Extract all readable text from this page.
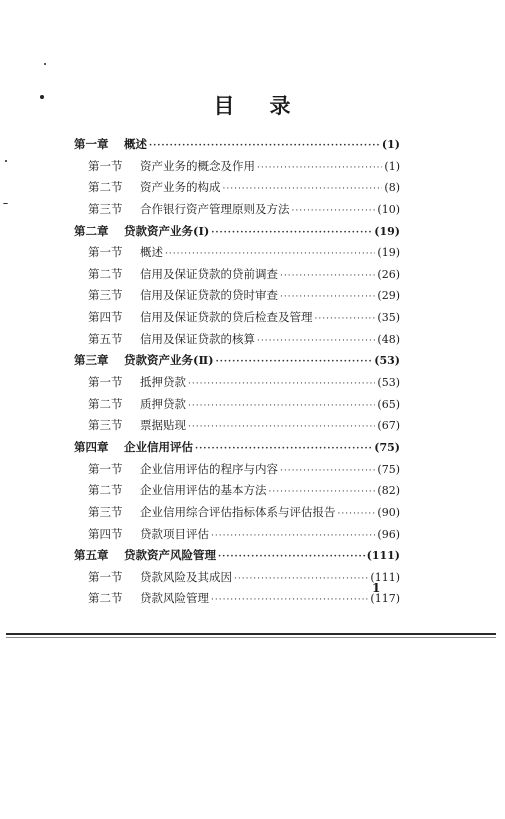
目 录
第一章	概述 ·····	(1)
第一节	资产业务的概念及作用 ·····	(1)
第二节	资产业务的构成 ·····	(8)
第三节	合作银行资产管理原则及方法 ·····	(10)
第二章	贷款资产业务(Ⅰ) ·····	(19)
第一节	概述 ·····	(19)
第二节	信用及保证贷款的贷前调查 ·····	(26)
第三节	信用及保证贷款的贷时审查 ·····	(29)
第四节	信用及保证贷款的贷后检查及管理 ·····	(35)
第五节	信用及保证贷款的核算 ·····	(48)
第三章	贷款资产业务(Ⅱ) ·····	(53)
第一节	抵押贷款 ·····	(53)
第二节	质押贷款 ·····	(65)
第三节	票据贴现 ·····	(67)
第四章	企业信用评估 ·····	(75)
第一节	企业信用评估的程序与内容 ·····	(75)
第二节	企业信用评估的基本方法 ·····	(82)
第三节	企业信用综合评估指标体系与评估报告 ·····	(90)
第四节	贷款项目评估 ·····	(96)
第五章	贷款资产风险管理 ·····	(111)
第一节	贷款风险及其成因 ·····	(111)
第二节	贷款风险管理 ·····	(117)
1
